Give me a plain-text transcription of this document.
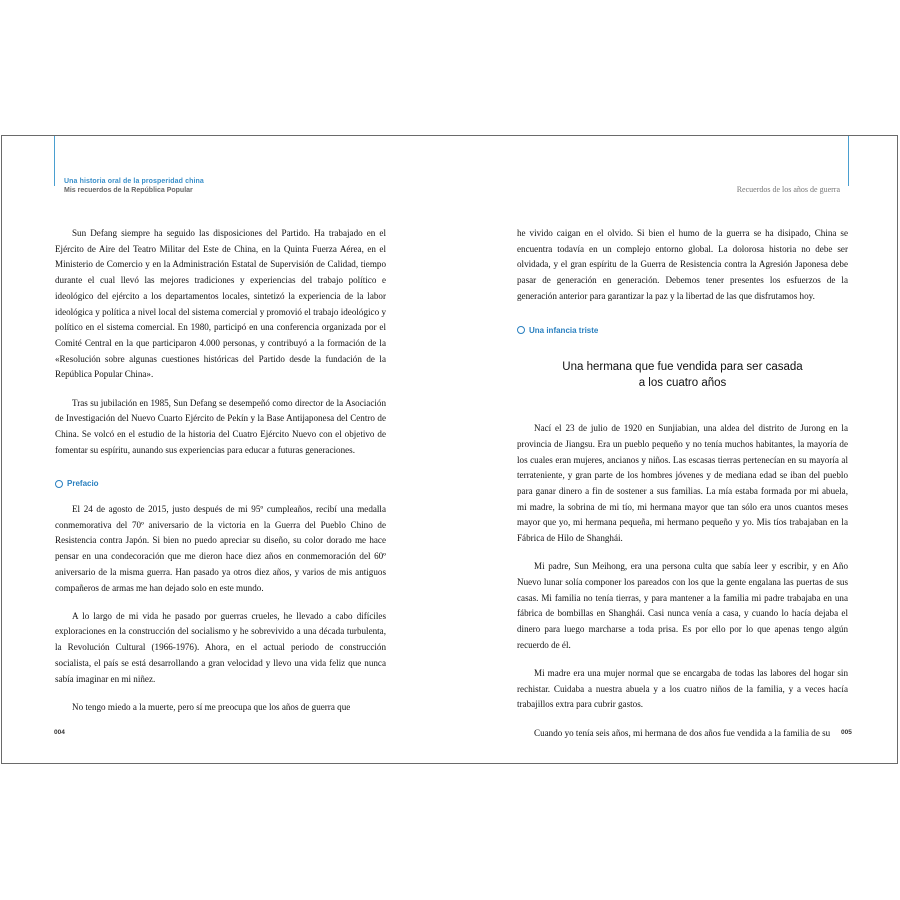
Una historia oral de la prosperidad china
Mis recuerdos de la República Popular	Recuerdos de los años de guerra

Sun Defang siempre ha seguido las disposiciones del Partido. Ha trabajado en el Ejército de Aire del Teatro Militar del Este de China, en la Quinta Fuerza Aérea, en el Ministerio de Comercio y en la Administración Estatal de Supervisión de Calidad, tiempo durante el cual llevó las mejores tradiciones y experiencias del trabajo político e ideológico del ejército a los departamentos locales, sintetizó la experiencia de la labor ideológica y política a nivel local del sistema comercial y promovió el trabajo ideológico y político en el sistema comercial. En 1980, participó en una conferencia organizada por el Comité Central en la que participaron 4.000 personas, y contribuyó a la formación de la «Resolución sobre algunas cuestiones históricas del Partido desde la fundación de la República Popular China».

Tras su jubilación en 1985, Sun Defang se desempeñó como director de la Asociación de Investigación del Nuevo Cuarto Ejército de Pekín y la Base Antijaponesa del Centro de China. Se volcó en el estudio de la historia del Cuatro Ejército Nuevo con el objetivo de fomentar su espíritu, aunando sus experiencias para educar a futuras generaciones.

Prefacio

El 24 de agosto de 2015, justo después de mi 95º cumpleaños, recibí una medalla conmemorativa del 70º aniversario de la victoria en la Guerra del Pueblo Chino de Resistencia contra Japón. Si bien no puedo apreciar su diseño, su color dorado me hace pensar en una condecoración que me dieron hace diez años en conmemoración del 60º aniversario de la misma guerra. Han pasado ya otros diez años, y varios de mis antiguos compañeros de armas me han dejado solo en este mundo.

A lo largo de mi vida he pasado por guerras crueles, he llevado a cabo difíciles exploraciones en la construcción del socialismo y he sobrevivido a una década turbulenta, la Revolución Cultural (1966-1976). Ahora, en el actual periodo de construcción socialista, el país se está desarrollando a gran velocidad y llevo una vida feliz que nunca sabía imaginar en mi niñez.

No tengo miedo a la muerte, pero sí me preocupa que los años de guerra que

he vivido caigan en el olvido. Si bien el humo de la guerra se ha disipado, China se encuentra todavía en un complejo entorno global. La dolorosa historia no debe ser olvidada, y el gran espíritu de la Guerra de Resistencia contra la Agresión Japonesa debe pasar de generación en generación. Debemos tener presentes los esfuerzos de la generación anterior para garantizar la paz y la libertad de las que disfrutamos hoy.

Una infancia triste
Una hermana que fue vendida para ser casada
a los cuatro años

Nací el 23 de julio de 1920 en Sunjiabian, una aldea del distrito de Jurong en la provincia de Jiangsu. Era un pueblo pequeño y no tenía muchos habitantes, la mayoría de los cuales eran mujeres, ancianos y niños. Las escasas tierras pertenecían en su mayoría al terrateniente, y gran parte de los hombres jóvenes y de mediana edad se iban del pueblo para ganar dinero a fin de sostener a sus familias. La mía estaba formada por mi abuela, mi madre, la sobrina de mi tío, mi hermana mayor que tan sólo era unos cuantos meses mayor que yo, mi hermana pequeña, mi hermano pequeño y yo. Mis tíos trabajaban en la Fábrica de Hilo de Shanghái.

Mi padre, Sun Meihong, era una persona culta que sabía leer y escribir, y en Año Nuevo lunar solía componer los pareados con los que la gente engalana las puertas de sus casas. Mi familia no tenía tierras, y para mantener a la familia mi padre trabajaba en una fábrica de bombillas en Shanghái. Casi nunca venía a casa, y cuando lo hacía dejaba el dinero para luego marcharse a toda prisa. Es por ello por lo que apenas tengo algún recuerdo de él.

Mi madre era una mujer normal que se encargaba de todas las labores del hogar sin rechistar. Cuidaba a nuestra abuela y a los cuatro niños de la familia, y a veces hacía trabajillos extra para cubrir gastos.

Cuando yo tenía seis años, mi hermana de dos años fue vendida a la familia de su

004	005
